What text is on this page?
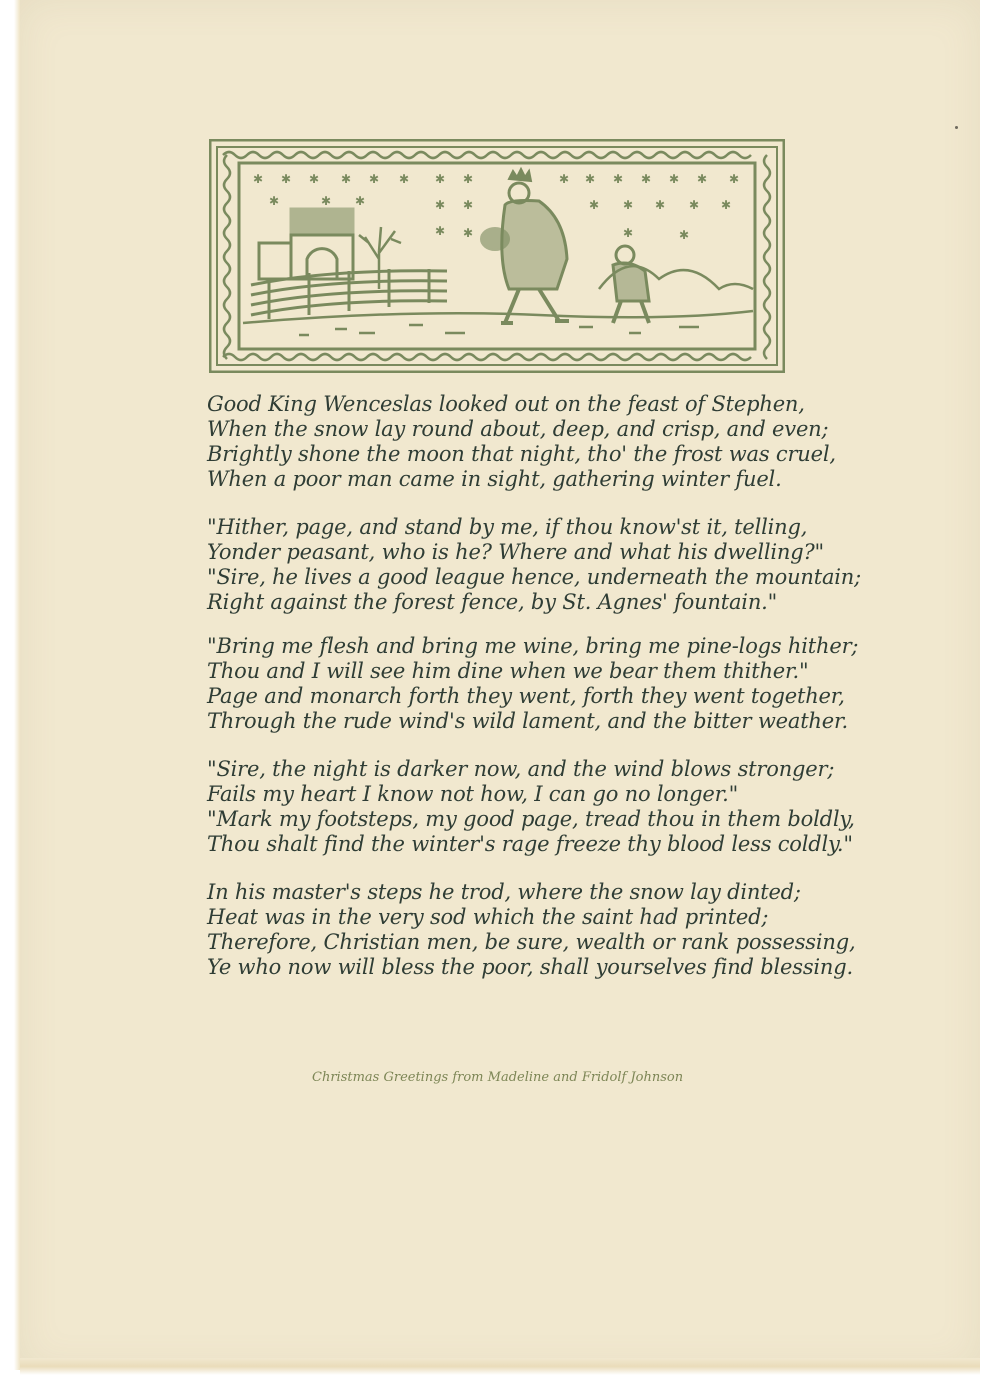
✱ ✱ ✱ ✱ ✱ ✱ ✱ ✱	✱ ✱ ✱ ✱ ✱ ✱ ✱
✱	✱ ✱	✱ ✱	✱ ✱ ✱ ✱ ✱
✱ ✱	✱	✱
Good King Wenceslas looked out on the feast of Stephen,
When the snow lay round about, deep, and crisp, and even;
Brightly shone the moon that night, tho' the frost was cruel,
When a poor man came in sight, gathering winter fuel.
"Hither, page, and stand by me, if thou know'st it, telling,
Yonder peasant, who is he? Where and what his dwelling?"
"Sire, he lives a good league hence, underneath the mountain;
Right against the forest fence, by St. Agnes' fountain."
"Bring me flesh and bring me wine, bring me pine-logs hither;
Thou and I will see him dine when we bear them thither."
Page and monarch forth they went, forth they went together,
Through the rude wind's wild lament, and the bitter weather.
"Sire, the night is darker now, and the wind blows stronger;
Fails my heart I know not how, I can go no longer."
"Mark my footsteps, my good page, tread thou in them boldly,
Thou shalt find the winter's rage freeze thy blood less coldly."
In his master's steps he trod, where the snow lay dinted;
Heat was in the very sod which the saint had printed;
Therefore, Christian men, be sure, wealth or rank possessing,
Ye who now will bless the poor, shall yourselves find blessing.
Christmas Greetings from Madeline and Fridolf Johnson
